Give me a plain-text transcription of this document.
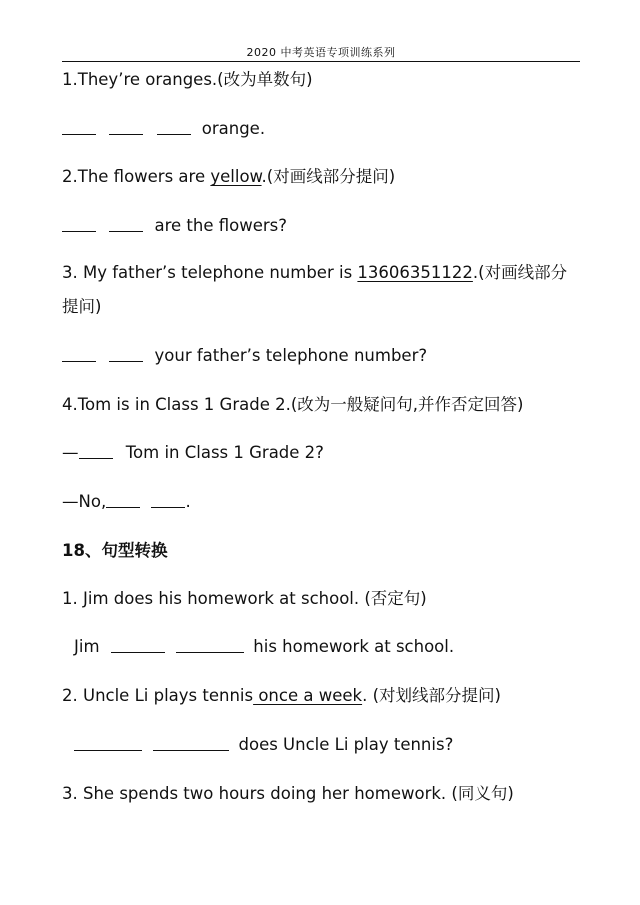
2020 中考英语专项训练系列
1.They’re oranges.(改为单数句)
orange.
2.The flowers are yellow.(对画线部分提问)
are the flowers?
3. My father’s telephone number is 13606351122.(对画线部分提问)
your father’s telephone number?
4.Tom is in Class 1 Grade 2.(改为一般疑问句,并作否定回答)
—	Tom in Class 1 Grade 2?
—No,	.
18、句型转换
1. Jim does his homework at school. (否定句)
Jim	his homework at school.
2. Uncle Li plays tennis once a week. (对划线部分提问)
does Uncle Li play tennis?
3. She spends two hours doing her homework. (同义句)
